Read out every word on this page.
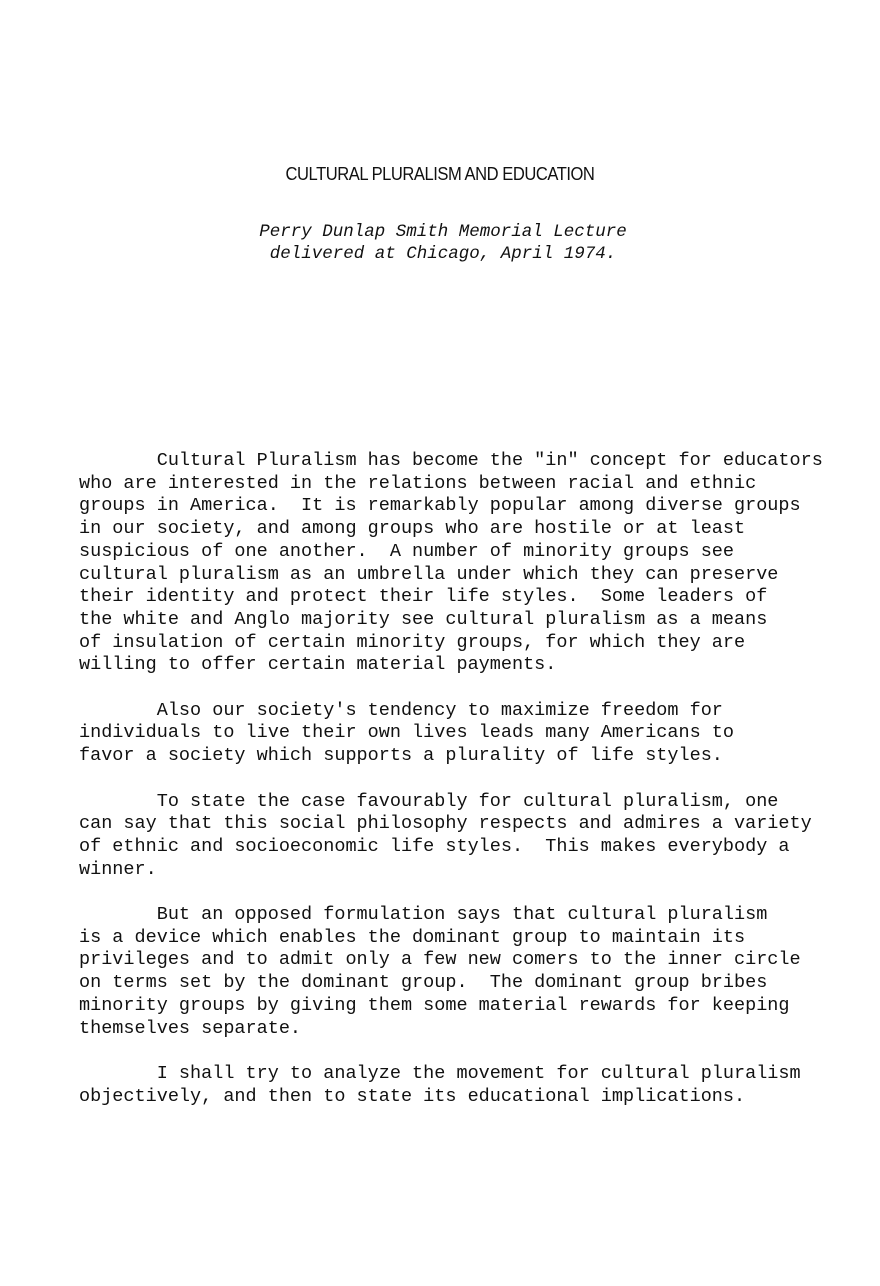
CULTURAL PLURALISM AND EDUCATION
Perry Dunlap Smith Memorial Lecture
delivered at Chicago, April 1974.
Cultural Pluralism has become the "in" concept for educators
who are interested in the relations between racial and ethnic
groups in America.  It is remarkably popular among diverse groups
in our society, and among groups who are hostile or at least
suspicious of one another.  A number of minority groups see
cultural pluralism as an umbrella under which they can preserve
their identity and protect their life styles.  Some leaders of
the white and Anglo majority see cultural pluralism as a means
of insulation of certain minority groups, for which they are
willing to offer certain material payments.
Also our society's tendency to maximize freedom for
individuals to live their own lives leads many Americans to
favor a society which supports a plurality of life styles.
To state the case favourably for cultural pluralism, one
can say that this social philosophy respects and admires a variety
of ethnic and socioeconomic life styles.  This makes everybody a
winner.
But an opposed formulation says that cultural pluralism
is a device which enables the dominant group to maintain its
privileges and to admit only a few new comers to the inner circle
on terms set by the dominant group.  The dominant group bribes
minority groups by giving them some material rewards for keeping
themselves separate.
I shall try to analyze the movement for cultural pluralism
objectively, and then to state its educational implications.
